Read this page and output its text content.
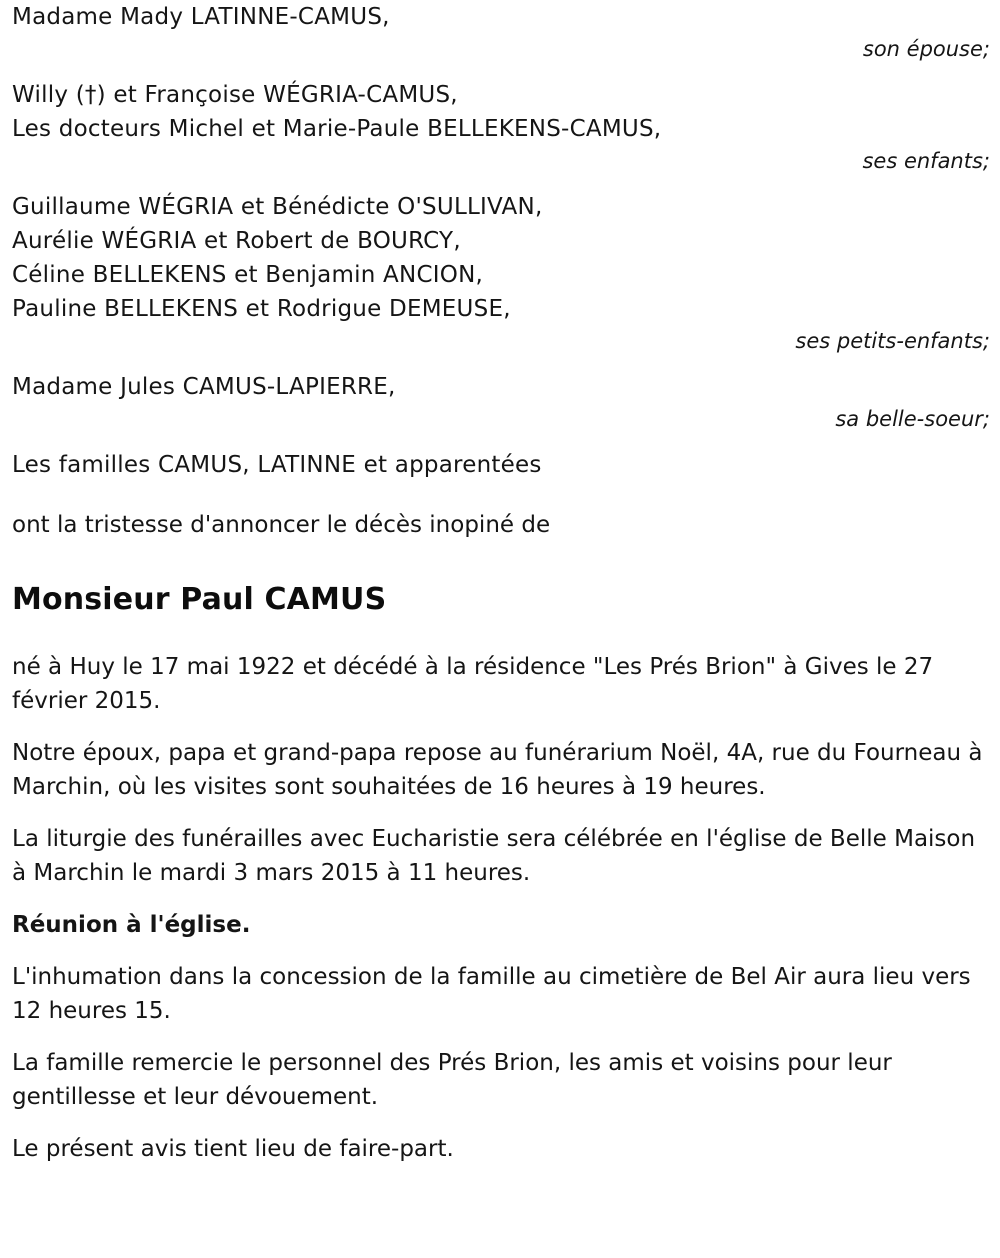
Madame Mady LATINNE-CAMUS,
son épouse;
Willy (†) et Françoise WÉGRIA-CAMUS,
Les docteurs Michel et Marie-Paule BELLEKENS-CAMUS,
ses enfants;
Guillaume WÉGRIA et Bénédicte O'SULLIVAN,
Aurélie WÉGRIA et Robert de BOURCY,
Céline BELLEKENS et Benjamin ANCION,
Pauline BELLEKENS et Rodrigue DEMEUSE,
ses petits-enfants;
Madame Jules CAMUS-LAPIERRE,
sa belle-soeur;
Les familles CAMUS, LATINNE et apparentées
ont la tristesse d'annoncer le décès inopiné de
Monsieur Paul CAMUS
né à Huy le 17 mai 1922 et décédé à la résidence "Les Prés Brion" à Gives le 27 février 2015.
Notre époux, papa et grand-papa repose au funérarium Noël, 4A, rue du Fourneau à Marchin, où les visites sont souhaitées de 16 heures à 19 heures.
La liturgie des funérailles avec Eucharistie sera célébrée en l'église de Belle Maison à Marchin le mardi 3 mars 2015 à 11 heures.
Réunion à l'église.
L'inhumation dans la concession de la famille au cimetière de Bel Air aura lieu vers 12 heures 15.
La famille remercie le personnel des Prés Brion, les amis et voisins pour leur gentillesse et leur dévouement.
Le présent avis tient lieu de faire-part.
